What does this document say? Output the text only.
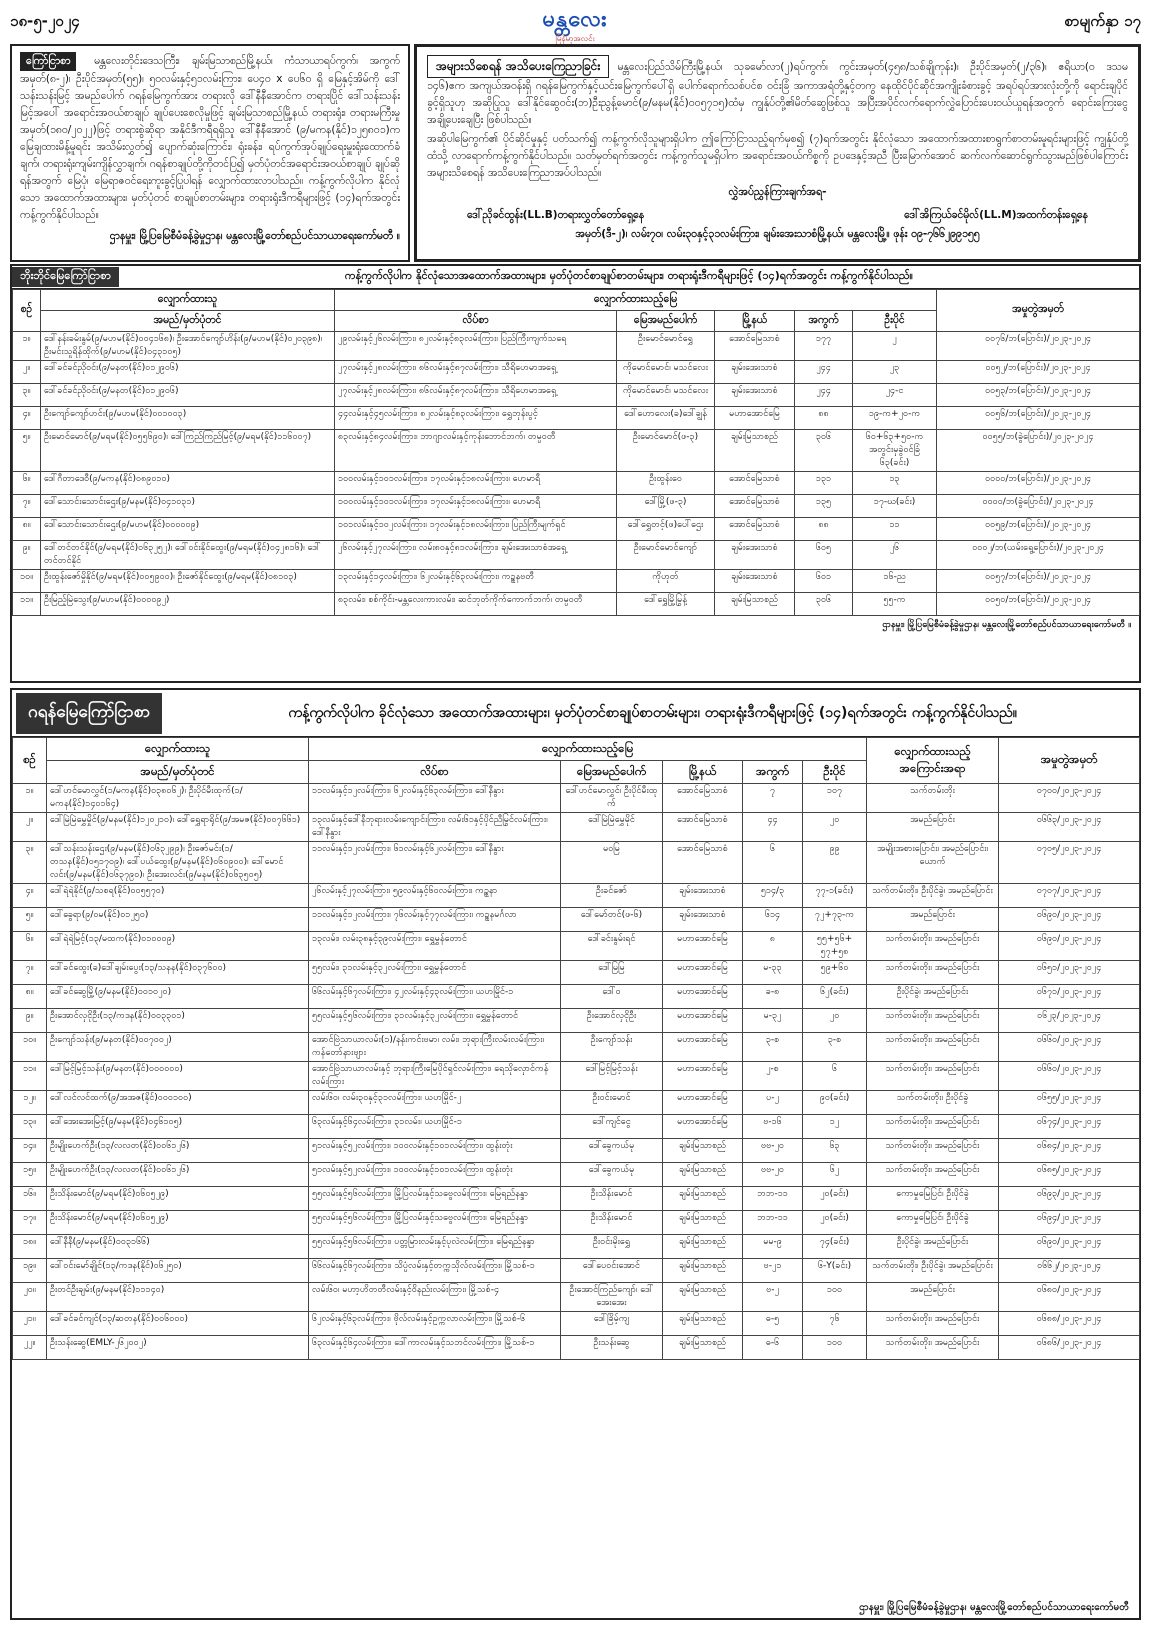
၁၈-၅-၂၀၂၄	မန္တလေး
မြန်မာ့အလင်း
စာမျက်နှာ ၁၇
ကြော်ငြာစာ မန္တလေးတိုင်းဒေသကြီး၊ ချမ်းမြသာစည်မြို့နယ်၊ ကံသာယာရပ်ကွက်၊ အကွက်အမှတ်(၈-၂)၊ ဦးပိုင်အမှတ်(၅၅)၊ ၅၀လမ်းနှင့်၅၁လမ်းကြား၊ ပေ၄၀ x ပေ၆၀ ရှိ မြေနှင့်အိမ်ကို ဒေါ်သန်းသန်းမြင့် အမည်ပေါက် ဂရန်မြေကွက်အား တရားလို ဒေါ်နီနီအောင်က တရားပြိုင် ဒေါ်သန်းသန်းမြင့်အပေါ် အရောင်းအဝယ်စာချုပ် ချုပ်ပေးစေလိုမှုဖြင့် ချမ်းမြသာစည်မြို့နယ် တရားရုံး၊ တရားမကြီးမှုအမှတ်(၁၈၀/၂၀၂၂)ဖြင့် တရားစွဲဆိုရာ အနိုင်ဒီကရီရရှိသူ ဒေါ်နီနီအောင် (၉/မကန(နိုင်)၁၂၅၈၀၁)က မြေချထားမိန့်မူရင်း အသိမ်းလွှတ်၍ ပျောက်ဆုံးကြောင်း၊ ရုံးခန်း၊ ရပ်ကွက်အုပ်ချုပ်ရေးမှူးရုံးထောက်ခံချက်၊ တရားရုံးကျမ်းကျိန်လွှာချက်၊ ဂရန်စာချုပ်တို့ကိုတင်ပြ၍ မှတ်ပုံတင်အရောင်းအဝယ်စာချုပ် ချုပ်ဆိုရန်အတွက် မြေပုံ၊ မြေရာဇဝင်ရေးကူးခွင့်ပြုပါရန် လျှောက်ထားလာပါသည်။ ကန့်ကွက်လိုပါက နိုင်လုံသော အထောက်အထားများ၊ မှတ်ပုံတင် စာချုပ်စာတမ်းများ၊ တရားရုံးဒီကရီများဖြင့် (၁၄)ရက်အတွင်း ကန့်ကွက်နိုင်ပါသည်။
ဌာနမှူး၊ မြို့ပြမြေစီမံခန့်ခွဲမှုဌာန၊ မန္တလေးမြို့တော်စည်ပင်သာယာရေးကော်မတီ ။

အများသိစေရန် အသိပေးကြေညာခြင်း မန္တလေးပြည်သိမ်ကြီးမြို့နယ်၊ သုခမော်လာ(၂)ရပ်ကွက်၊ ကွင်းအမှတ်(၄၅၈/သစ်ချိုကုန်း)၊ ဦးပိုင်အမှတ်(၂/၃၆)၊ ဧရိယာ(၀ ဒသမ ၁၄၆)ဧက အကျယ်အဝန်းရှိ ဂရန်မြေကွက်နှင့်ယင်းမြေကွက်ပေါ်ရှိ ပေါက်ရောက်သစ်ပင်စ ဝင်းခြံ အကာအရံတို့နှင့်တကွ နေထိုင်ပိုင်ဆိုင်အကျိုးခံစားခွင့် အရပ်ရပ်အားလုံးတို့ကို ရောင်းချပိုင်ခွင့်ရှိသူဟု အဆိုပြုသူ ဒေါ်နိုင်ဆွေဝင်း(ဘ)ဦးညွန့်မောင်(၉/မနမ(နိုင်)၀၀၅၇၁၅)ထံမှ ကျွန်ုပ်တို့၏မိတ်ဆွေဖြစ်သူ အပြီးအပိုင်လက်ရောက်လွှဲပြောင်းပေးဝယ်ယူရန်အတွက် ရောင်းကြေးငွေ အချို့ပေးချေပြီး ဖြစ်ပါသည်။

အဆိုပါမြေကွက်၏ ပိုင်ဆိုင်မှုနှင့် ပတ်သက်၍ ကန့်ကွက်လိုသူများရှိပါက ဤကြော်ငြာသည့်ရက်မှစ၍ (၇)ရက်အတွင်း နိုင်လုံသော အထောက်အထားစာရွက်စာတမ်းမူရင်းများဖြင့် ကျွန်ုပ်တို့ထံသို့ လာရောက်ကန့်ကွက်နိုင်ပါသည်။ သတ်မှတ်ရက်အတွင်း ကန့်ကွက်သူမရှိပါက အရောင်းအဝယ်ကိစ္စကို ဥပဒေနှင့်အညီ ပြီးမြောက်အောင် ဆက်လက်ဆောင်ရွက်သွားမည်ဖြစ်ပါကြောင်း အများသိစေရန် အသိပေးကြေညာအပ်ပါသည်။

လွှဲအပ်ညွှန်ကြားချက်အရ-
ဒေါ်ညိုခင်ထွန်း(LL.B)တရားလွှတ်တော်ရှေ့နေ	ဒေါ်အိကြယ်ခင်မိုလ်(LL.M)အထက်တန်းရှေ့နေ
အမှတ်(ဒီ-၂)၊ လမ်း၇၀၊ လမ်း၃၀နှင့်၃၁လမ်းကြား၊ ချမ်းအေးသာစံမြို့နယ်၊ မန္တလေးမြို့။ ဖုန်း ၀၉-၇၆၆၂၉၉၁၅၅
ဘိုးဘိုင်မြေကြော်ငြာစာ	ကန့်ကွက်လိုပါက နိုင်လုံသောအထောက်အထားများ၊ မှတ်ပုံတင်စာချုပ်စာတမ်းများ၊ တရားရုံးဒီကရီများဖြင့် (၁၄)ရက်အတွင်း ကန့်ကွက်နိုင်ပါသည်။
စဉ်	လျှောက်ထားသူ	လျှောက်ထားသည့်မြေ					အမှုတွဲအမှတ်
	အမည်/မှတ်ပုံတင်	လိပ်စာ	မြေအမည်ပေါက်	မြို့နယ်	အကွက်	ဦးပိုင်	
၁။	ဒေါ်နန်းခမ်းနွမ်(၉/မဟမ(နိုင်)၀၀၄၁၆၈)၊ ဦးအောင်ကျော်ဟိန်း(၉/မဟမ(နိုင်)၀၂၀၃၉၈)၊ ဦးမင်းသူရိန်ထိုက်(၉/မဟမ(နိုင်)၀၄၃၁၀၅)	၂၉လမ်းနှင့်၂၆လမ်းကြား၊ ၈၂လမ်းနှင့်၈၃လမ်းကြား၊ ပြည်ကြီးကျက်သရေ	ဦးမောင်မောင်ရွှေ	အောင်မြေသာစံ	၁၇၇	၂	၀၀၇၆/ဘ(ပြောင်း)/၂၀၂၃-၂၀၂၄
၂။	ဒေါ်ခင်ခင်ညိုဝင်း(၉/မနတ(နိုင်)၀၁၂၉၀၆)	၂၇လမ်းနှင့်၂၈လမ်းကြား၊ ၈၆လမ်းနှင့်၈၇လမ်းကြား၊ သီရိဟေမာအရှေ့	ကိုမောင်မောင်၊ မသင်လေး	ချမ်းအေးသာစံ	၂၄၄	၂၃	၀၀၅၂/ဘ(ပြောင်း)/၂၀၂၃-၂၀၂၄
၃။	ဒေါ်ခင်ခင်ညိုဝင်း(၉/မနတ(နိုင်)၀၁၂၉၀၆)	၂၇လမ်းနှင့်၂၈လမ်းကြား၊ ၈၆လမ်းနှင့်၈၇လမ်းကြား၊ သီရိဟေမာအရှေ့	ကိုမောင်မောင်၊ မသင်လေး	ချမ်းအေးသာစံ	၂၄၄	၂၄-င	၀၀၅၃/ဘ(ပြောင်း)/၂၀၂၃-၂၀၂၄
၄။	ဦးကျော်ကျော်ဟင်း(၉/မဟမ(နိုင်)၀၀၁၀၀၃)	၄၄လမ်းနှင့်၄၅လမ်းကြား၊ ၈၂လမ်းနှင့်၈၃လမ်းကြား၊ ရွှေဘုန်းပွင့်	ဒေါ်ဟောလေး(ခ)ဒေါ်ချွန်	မဟာအောင်မြေ	၈၈	၁၉-က+၂၀-က	၀၀၅၆/ဘ(ပြောင်း)/၂၀၂၃-၂၀၂၄
၅။	ဦးမောင်မောင်(၉/မရမ(နိုင်)၀၅၅၆၉၀)၊ ဒေါ်ကြည်ကြည်မြင့်(၉/မရမ(နိုင်)၁၁၆၀၀၇)	၈၃လမ်းနှင့်၈၄လမ်းကြား၊ ဘာဂျာလမ်းနှင့်ကုန်းဘောင်ဘက်၊ တမ္ပဝတီ	ဦးမောင်မောင်(ဖ-၃)	ချမ်းမြသာစည်	၃၀၆	၆၀+၆၃+၅၀-က အတွင်းမှခွဲဝင်ခြံ ၆၃(ခင်း)	၀၀၅၅/ဘ(ခွဲပြောင်း)/၂၀၂၃-၂၀၂၄
၆။	ဒေါ်ဂီတာဒေဝီ(၉/မကန(နိုင်)၀၈၉၀၁၀)	၁၀၀လမ်းနှင့်၁၀၁လမ်းကြား၊ ၁၇လမ်းနှင့်၁၈လမ်းကြား၊ ဟေမာရီ	ဦးထွန်းဝေ	အောင်မြေသာစံ	၁၃၁	၁၃	၀၀၀၀/ဘ(ပြောင်း)/၂၀၂၃-၂၀၂၄
၇။	ဒေါ်သောင်းသောင်းဌေး(၉/မနမ(နိုင်)၀၄၁၀၃၁)	၁၀၀လမ်းနှင့်၁၀၁လမ်းကြား၊ ၁၇လမ်းနှင့်၁၈လမ်းကြား၊ ဟေမာရီ	ဒေါ်မြို့(ဖ-၃)	အောင်မြေသာစံ	၁၃၅	၁၇-ဃ(ခင်း)	၀၀၀၀/ဘ(ခွဲပြောင်း)/၂၀၂၃-၂၀၂၄
၈။	ဒေါ်သောင်းသောင်းဌေး(၉/မဟမ(နိုင်)၀၀၀၀၀၉)	၁၀၁လမ်းနှင့်၁၀၂လမ်းကြား၊ ၁၇လမ်းနှင့်၁၈လမ်းကြား၊ ပြည်ကြီးမျက်ရှင်	ဒေါ်ရွှေတင့်(ဖ)ပေါ်ဌေး	အောင်မြေသာစံ	၈၈	၁၁	၀၀၅၉/ဘ(ပြောင်း)/၂၀၂၃-၂၀၂၄
၉။	ဒေါ်တင်တင်နိုင်(၉/မရမ(နိုင်)၀၆၃၂၅၂)၊ ဒေါ်ဝင်းနိုင်ထွေး(၉/မရမ(နိုင်)၀၄၂၈၁၆)၊ ဒေါ်တင်တင်နိုင်	၂၆လမ်းနှင့်၂၇လမ်းကြား၊ လမ်း၈၀နှင့်၈၁လမ်းကြား၊ ချမ်းအေးသာစံအရှေ့	ဦးမောင်မောင်ကျော်	ချမ်းအေးသာစံ	၆၀၅	၂၆	၀၀၀၂/ဘ(ယမ်းရွေ့ပြောင်း)/၂၀၂၃-၂၀၂၄
၁၀။	ဦးထွန်းဇော်မှိုနိုင်(၉/မရမ(နိုင်)၀၀၅၉၀၀)၊ ဦးဇော်နိုင်ထွေး(၉/မရမ(နိုင်)၀၈၁၀၃)	၁၃လမ်းနှင့်၁၄လမ်းကြား၊ ၆၂လမ်းနှင့်၆၃လမ်းကြား၊ ကဥ္စနဗတီ	ကိုဟုတ်	ချမ်းအေးသာစံ	၆၀၁	၁၆-ည	၀၀၅၇/ဘ(ပြောင်း)/၂၀၂၃-၂၀၂၄
၁၁။	ဦးမြည့်မြဲသွေး(၉/မဟမ(နိုင်)၀၀၀၀၉၂)	၈၃လမ်း၊ စစ်ကိုင်း-မန္တလေးကားလမ်း၊ ဆင်ဘုတ်ကိုက်ကောက်ဘက်၊ တမ္ပဝတီ	ဒေါ်ရွှေမြို့မြွန့်	ချမ်းမြသာစည်	၃၀၆	၅၅-က	၀၀၅၀/ဘ(ပြောင်း)/၂၀၂၃-၂၀၂၄
ဌာနမှူး၊ မြို့ပြမြေစီမံခန့်ခွဲမှုဌာန၊ မန္တလေးမြို့တော်စည်ပင်သာယာရေးကော်မတီ ။
ဂရန်မြေကြော်ငြာစာ	ကန့်ကွက်လိုပါက ခိုင်လုံသော အထောက်အထားများ၊ မှတ်ပုံတင်စာချုပ်စာတမ်းများ၊ တရားရုံးဒီကရီများဖြင့် (၁၄)ရက်အတွင်း ကန့်ကွက်နိုင်ပါသည်။
စဉ်	လျှောက်ထားသူ	လျှောက်ထားသည့်မြေ					လျှောက်ထားသည့်အကြောင်းအရာ	အမှုတွဲအမှတ်
	အမည်/မှတ်ပုံတင်	လိပ်စာ	မြေအမည်ပေါက်	မြို့နယ်	အကွက်	ဦးပိုင်		
၁။	ဒေါ်ဟင်မောလွှင်(၁/မကန(နိုင်)၀၃၈၀၆၂)၊ ဦးပိုင်မီးထုက်(၁/မကန(နိုင်)၁၄၀၁၆၄)	၁၁လမ်းနှင့်၁၂လမ်းကြား၊ ၆၂လမ်းနှင့်၆၃လမ်းကြား၊ ဒေါ်နီနွား	ဒေါ်ဟင်မောလွှင်၊ ဦးပိုင်မီးထုက်	အောင်မြေသာစံ	၇	၁၀၇	သက်တမ်းတိုး	၀၇၀၀/၂၀၂၃-၂၀၂၄
၂။	ဒေါ်မြဲမြဲမွှေမှိုင်(၉/မနမ(နိုင်)၁၂၀၂၁၀)၊ ဒေါ်ရွှေရာရိုင်(၉/အမဇ(နိုင်)၀၀၇၆၆၁)	၁၃လမ်းနှင့်ဒေါ်နီဘုရားလမ်းကျောင်းကြား၊ လမ်း၆၁နှင့်ပိုင်ညီမြွင်လမ်းကြား၊ ဒေါ်နီနွား	ဒေါ်မြဲမြဲမွှေမိုင်	အောင်မြေသာစံ	၄၄	၂၀	အမည်ပြောင်း	၀၆၆၃/၂၀၂၃-၂၀၂၄
၃။	ဒေါ်သန်းသန်းဌေး(၉/မနမ(နိုင်)၀၆၃၂၉၉)၊ ဦးဇော်မင်း(၁/တသန(နိုင်)၀၅၁၇၀၉)၊ ဒေါ်ပယ်ထွေး(၉/မနမ(နိုင်)၀၆၀၉၀၀)၊ ဒေါ်မောင်လင်း(၉/မနမ(နိုင်)၀၆၃၇၉၀)၊ ဦးအေးလင်း(၉/မနမ(နိုင်)၀၆၃၅၀၅)	၁၁လမ်းနှင့်၁၂လမ်းကြား၊ ၆၁လမ်းနှင့်၆၂လမ်းကြား၊ ဒေါ်နီနွား	မဝမြ	အောင်မြေသာစံ	၆	၉၉	အမျိုးအစားပြောင်း၊ အမည်ပြောင်း၊ ယောက်	၀၇၀၅/၂၀၂၃-၂၀၂၄
၄။	ဒေါ်ရဲရဲနိုင်(၉/သစရ(နိုင်)၀၀၅၅၇၀)	၂၆လမ်းနှင့်၂၇လမ်းကြား၊ ၅၉လမ်းနှင့်၆၀လမ်းကြား၊ ကဥ္စနာ	ဦးခင်ဇော်	ချမ်းအေးသာစံ	၅၁၄/၃	၇၇-၁(ခင်း)	သက်တမ်းတိုး၊ ဦးပိုင်ခွဲ၊ အမည်ပြောင်း	၀၇၀၇/၂၀၂၃-၂၀၂၄
၅။	ဒေါ်ခွေရာ(၉/ဝမ(နိုင်)၀၁၂၅၀)	၁၁လမ်းနှင့်၁၂လမ်းကြား၊ ၇၆လမ်းနှင့်၇၇လမ်းကြား၊ ကဥ္စနမင်္ဂလာ	ဒေါ်မော်တင်(ဖ-၆)	ချမ်းအေးသာစံ	၆၁၄	၇၂+၇၃-က	အမည်ပြောင်း	၀၆၉၀/၂၀၂၃-၂၀၂၄
၆။	ဒေါ်ရဲရဲမြင့်(၁၃/မထက(နိုင်)၀၁၀၀၀၉)	၁၃လမ်း၊ လမ်း၃၈နှင့်၃၉လမ်းကြား၊ ရွှေမွှန်တောင်	ဒေါ်ခင်းနွမ်းရင်	မဟာအောင်မြေ	၈	၅၅+၅၆+ ၅၇+၅၈	သက်တမ်းတိုး၊ အမည်ပြောင်း	၀၆၉၀/၂၀၂၃-၂၀၂၄
၇။	ဒေါ်ခင်ထွေး(ခ)ဒေါ်ချမ်းပွေး(၁၃/သနန(နိုင်)၀၃၇၆၀၀)	၅၅လမ်း၊ ၃၁လမ်းနှင့်၃၂လမ်းကြား၊ ရွှေမွှန်တောင်	ဒေါ်မြမြ	မဟာအောင်မြေ	မ-၃၃	၅၉+၆၀	သက်တမ်းတိုး၊ အမည်ပြောင်း	၀၆၅၁/၂၀၂၃-၂၀၂၄
၈။	ဒေါ်ခင်ဆွေမြို့(၉/မနမ(နိုင်)၀၀၁၀၂၀)	၆၆လမ်းနှင့်၆၇လမ်းကြား၊ ၄၂လမ်းနှင့်၄၃လမ်းကြား၊ ယဟမြိုင်-၁	ဒေါ်ဝ	မဟာအောင်မြေ	ခ-၈	၆၂(ခင်း)	ဦးပိုင်ခွဲ၊ အမည်ပြောင်း	၀၆၇၁/၂၀၂၃-၂၀၂၄
၉။	ဦးအောင်လှငိုဦး(၁၃/ကဒန(နိုင်)၀၀၃၃၀၁)	၅၅လမ်းနှင့်၅၆လမ်းကြား၊ ၃၁လမ်းနှင့်၃၂လမ်းကြား၊ ရွှေမွှန်တောင်	ဦးအောင်လှငိုဦး	မဟာအောင်မြေ	မ-၃၂	၂၀	သက်တမ်းတိုး၊ အမည်ပြောင်း	၀၆၂၃/၂၀၂၃-၂၀၂၄
၁၀။	ဦးကျော်သန်း(၉/မနတ(နိုင်)၀၀၇၀၀၂)	အောင်ဗြဲသာယာလမ်း(၁)/နန်းကင်းဗမာ၊ လမ်း၊ ဘုရားကြီးလမ်းလမ်းကြား၊ ကန်တော်နားဗျား	ဦးကျော်သန်း	မဟာအောင်မြေ	၃-စ	၃-စ	သက်တမ်းတိုး၊ အမည်ပြောင်း	၀၆၆၀/၂၀၂၃-၂၀၂၄
၁၁။	ဒေါ်မြင့်မြင့်သန်း(၉/မနတ(နိုင်)၀၀၀၀၀၀)	အောင်ဗြဲသာယာလမ်းနှင့် ဘုရားကြီးမြေပိုင်ရှင်လမ်းကြား၊ ရေသိုလှောင်ကန်လမ်းကြား	ဒေါ်မြင့်မြင့်သန်း	မဟာအောင်မြေ	၂-စ	၆	သက်တမ်းတိုး၊ အမည်ပြောင်း	၀၆၆၀/၂၀၂၃-၂၀၂၄
၁၂။	ဒေါ်လင်လင်ထက်(၉/အအဇ(နိုင်)၀၀၀၁၀၀)	လမ်း၆၀၊ လမ်း၃၀နှင့်၃၁လမ်းကြား၊ ယဟမြိုင်-၂	ဦးဝင်းမောင်	မဟာအောင်မြေ	ပ-၂	၉၀(ခင်း)	သက်တမ်းတိုး၊ ဦးပိုင်ခွဲ	၀၆၅၅/၂၀၂၃-၂၀၂၄
၁၃။	ဒေါ်အေးအေးမြင့်(၉/မနမ(နိုင်)၀၄၆၁၀၅)	၆၃လမ်းနှင့်၆၄လမ်းကြား၊ ၃၁လမ်း၊ ယဟမြိုင်-၁	ဒေါ်ကျင်ငွေ	မဟာအောင်မြေ	ဗ-၁၆	၁၂	သက်တမ်းတိုး၊ အမည်ပြောင်း	၀၆၇၄/၂၀၂၃-၂၀၂၄
၁၄။	ဦးမျိုးဟေက်ဦး(၁၃/လလတ(နိုင်)၀၀၆၁၂၆)	၅၁လမ်းနှင့်၅၂လမ်းကြား၊ ၁၀၀လမ်းနှင့်၁၀၁လမ်းကြား၊ ထွန်းတုံး	ဒေါ်ခွေကယ်မု	ချမ်းမြသာစည်	ဗဗ-၂၀	၆၃	သက်တမ်းတိုး၊ အမည်ပြောင်း	၀၆၈၄/၂၀၂၃-၂၀၂၄
၁၅။	ဦးမျိုးဟေက်ဦး(၁၃/လလတ(နိုင်)၀၀၆၁၂၆)	၅၁လမ်းနှင့်၅၂လမ်းကြား၊ ၁၀၀လမ်းနှင့်၁၀၁လမ်းကြား၊ ထွန်းတုံး	ဒေါ်ခွေကယ်မု	ချမ်းမြသာစည်	ဗဗ-၂၀	၆၂	သက်တမ်းတိုး၊ အမည်ပြောင်း	၀၆၈၅/၂၀၂၃-၂၀၂၄
၁၆။	ဦးသိန်းမောင်(၉/မရမ(နိုင်)၀၆၀၅၂၉)	၅၅လမ်းနှင့်၅၆လမ်းကြား၊ မြို့ပြလမ်းနှင့်သဗွေလမ်းကြား၊ မြေရည်နန္ဒာ	ဦးသိန်းမောင်	ချမ်းမြသာစည်	ဘဘ-၁၁	၂၀(ခင်း)	ကောမှုမြေပြင်၊ ဦးပိုင်ခွဲ	၀၆၉၃/၂၀၂၃-၂၀၂၄
၁၇။	ဦးသိန်းမောင်(၉/မရမ(နိုင်)၀၆၀၅၂၉)	၅၅လမ်းနှင့်၅၆လမ်းကြား၊ မြို့ပြလမ်းနှင့်သဗွေလမ်းကြား၊ မြေရည်နန္ဒာ	ဦးသိန်းမောင်	ချမ်းမြသာစည်	ဘဘ-၁၁	၂၀(ခင်း)	ကောမှုမြေပြင်၊ ဦးပိုင်ခွဲ	၀၆၉၄/၂၀၂၃-၂၀၂၄
၁၈။	ဒေါ်နီနီ(၉/မနမ(နိုင်)၀၀၃၁၆၆)	၅၅လမ်းနှင့်၅၆လမ်းကြား၊ ပတ္တမြားလမ်းနှင့်ပုလဲလမ်းကြား၊ မြေရည်နန္ဒာ	ဦးဝင်းမိုးရွှေ	ချမ်းမြသာစည်	မမ-၉	၇၄(ခင်း)	ဦးပိုင်ခွဲ၊ အမည်ပြောင်း	၀၆၉၀/၂၀၂၃-၂၀၂၄
၁၉။	ဒေါ်ဝင်းမော်ချိုင်(၁၃/ကဒန(နိုင်)၀၆၂၅၀)	၆၆လမ်းနှင့်၆၇လမ်းကြား၊ သိပ္ပံလမ်းနှင့်တက္ကသိုလ်လမ်းကြား၊ မြို့သစ်-၁	ဒေါ်ပေဝင်းအောင်	ချမ်းမြသာစည်	ဗ-၂၁	၆-Y(ခင်း)	သက်တမ်းတိုး၊ ဦးပိုင်ခွဲ၊ အမည်ပြောင်း	၀၆၆၂/၂၀၂၃-၂၀၂၄
၂၀။	ဦးတင်ဦးချမ်း(၉/မနမ(နိုင်)၁၁၁၄၀)	လမ်း၆၀၊ မဟာ့ဟိတတီလမ်းနှင့်ဝိနည်းလမ်းကြား၊ မြို့သစ်-၄	ဦးအောင်ကြည်ကျော်၊ ဒေါ်အေးအေး	ချမ်းမြသာစည်	ဗ-၂	၁၀၀	အမည်ပြောင်း	၀၆၈၀/၂၀၂၃-၂၀၂၄
၂၁။	ဒေါ်ခင်ခင်ကျင်(၁၃/ဆတန(နိုင်)၀၀၆၀၀၀)	၆၂လမ်းနှင့်၆၃လမ်းကြား၊ ဗိုလ်လမ်းနှင့်ဥက္ကလာလမ်းကြား၊ မြို့သစ်-၆	ဒေါ်ခြိမ့်ကျ	ချမ်းမြသာစည်	ဓ-၅	၇၆	သက်တမ်းတိုး၊ အမည်ပြောင်း	၀၆၈၈/၂၀၂၃-၂၀၂၄
၂၂။	ဦးသန်းဆွေ(EMLY-၂၆၂၀၀၂)	၆၃လမ်းနှင့်၆၄လမ်းကြား၊ ဒေါ်ကာလမ်းနှင့်သဘင်လမ်းကြား၊ မြို့သစ်-၁	ဦးသန်းဆွေ	ချမ်းမြသာစည်	ဓ-၆	၁၀၀	သက်တမ်းတိုး၊ အမည်ပြောင်း	၀၆၈၆/၂၀၂၃-၂၀၂၄
ဌာနမှူး၊ မြို့ပြမြေစီမံခန့်ခွဲမှုဌာန၊ မန္တလေးမြို့တော်စည်ပင်သာယာရေးကော်မတီ
